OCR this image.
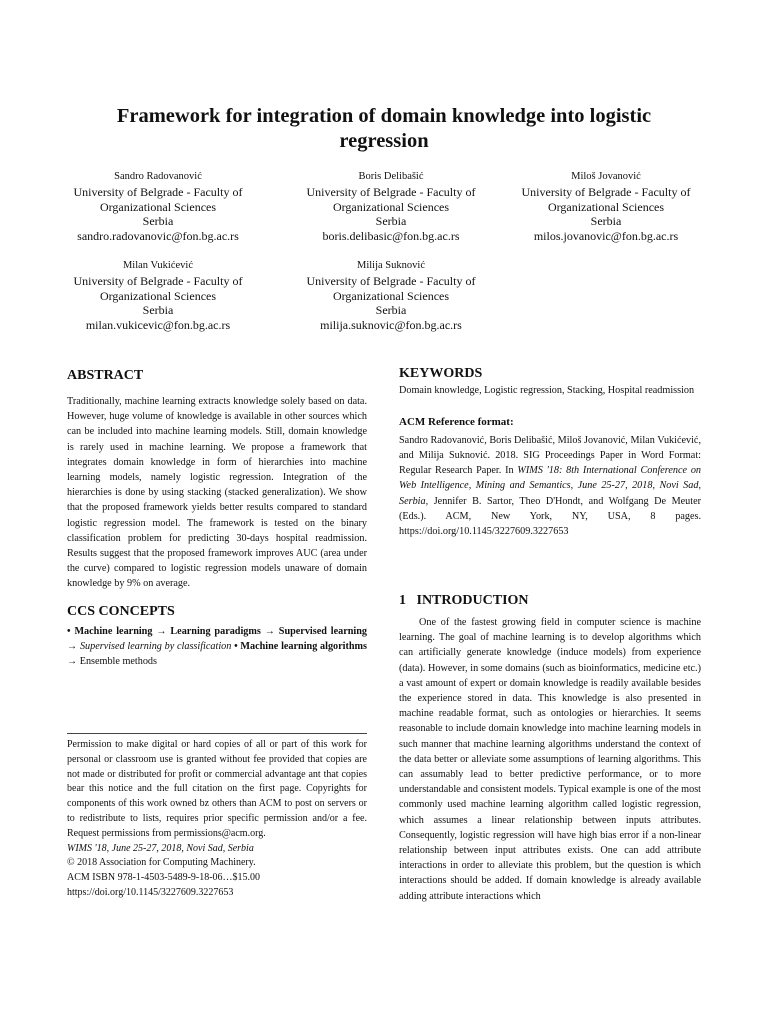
Framework for integration of domain knowledge into logistic regression
Sandro Radovanović
University of Belgrade - Faculty of
Organizational Sciences
Serbia
sandro.radovanovic@fon.bg.ac.rs
Boris Delibašić
University of Belgrade - Faculty of
Organizational Sciences
Serbia
boris.delibasic@fon.bg.ac.rs
Miloš Jovanović
University of Belgrade - Faculty of
Organizational Sciences
Serbia
milos.jovanovic@fon.bg.ac.rs
Milan Vukićević
University of Belgrade - Faculty of
Organizational Sciences
Serbia
milan.vukicevic@fon.bg.ac.rs
Milija Suknović
University of Belgrade - Faculty of
Organizational Sciences
Serbia
milija.suknovic@fon.bg.ac.rs
ABSTRACT
Traditionally, machine learning extracts knowledge solely based on data. However, huge volume of knowledge is available in other sources which can be included into machine learning models. Still, domain knowledge is rarely used in machine learning. We propose a framework that integrates domain knowledge in form of hierarchies into machine learning models, namely logistic regression. Integration of the hierarchies is done by using stacking (stacked generalization). We show that the proposed framework yields better results compared to standard logistic regression model. The framework is tested on the binary classification problem for predicting 30-days hospital readmission. Results suggest that the proposed framework improves AUC (area under the curve) compared to logistic regression models unaware of domain knowledge by 9% on average.
CCS CONCEPTS
• Machine learning → Learning paradigms → Supervised learning → Supervised learning by classification • Machine learning algorithms → Ensemble methods
Permission to make digital or hard copies of all or part of this work for personal or classroom use is granted without fee provided that copies are not made or distributed for profit or commercial advantage ant that copies bear this notice and the full citation on the first page. Copyrights for components of this work owned bz others than ACM to post on servers or to redistribute to lists, requires prior specific permission and/or a fee. Request permissions from permissions@acm.org.
WIMS '18, June 25-27, 2018, Novi Sad, Serbia
© 2018 Association for Computing Machinery.
ACM ISBN 978-1-4503-5489-9-18-06…$15.00
https://doi.org/10.1145/3227609.3227653
KEYWORDS
Domain knowledge, Logistic regression, Stacking, Hospital readmission
ACM Reference format:
Sandro Radovanović, Boris Delibašić, Miloš Jovanović, Milan Vukićević, and Milija Suknović. 2018. SIG Proceedings Paper in Word Format: Regular Research Paper. In WIMS '18: 8th International Conference on Web Intelligence, Mining and Semantics, June 25-27, 2018, Novi Sad, Serbia, Jennifer B. Sartor, Theo D'Hondt, and Wolfgang De Meuter (Eds.). ACM, New York, NY, USA, 8 pages. https://doi.org/10.1145/3227609.3227653
1 INTRODUCTION

One of the fastest growing field in computer science is machine learning. The goal of machine learning is to develop algorithms which can artificially generate knowledge (induce models) from experience (data). However, in some domains (such as bioinformatics, medicine etc.) a vast amount of expert or domain knowledge is readily available besides the experience stored in data. This knowledge is also presented in machine readable format, such as ontologies or hierarchies. It seems reasonable to include domain knowledge into machine learning models in such manner that machine learning algorithms understand the context of the data better or alleviate some assumptions of learning algorithms. This can assumably lead to better predictive performance, or to more understandable and consistent models. Typical example is one of the most commonly used machine learning algorithm called logistic regression, which assumes a linear relationship between inputs attributes. Consequently, logistic regression will have high bias error if a non-linear relationship between input attributes exists. One can add attribute interactions in order to alleviate this problem, but the question is which interactions should be added. If domain knowledge is already available adding attribute interactions which
